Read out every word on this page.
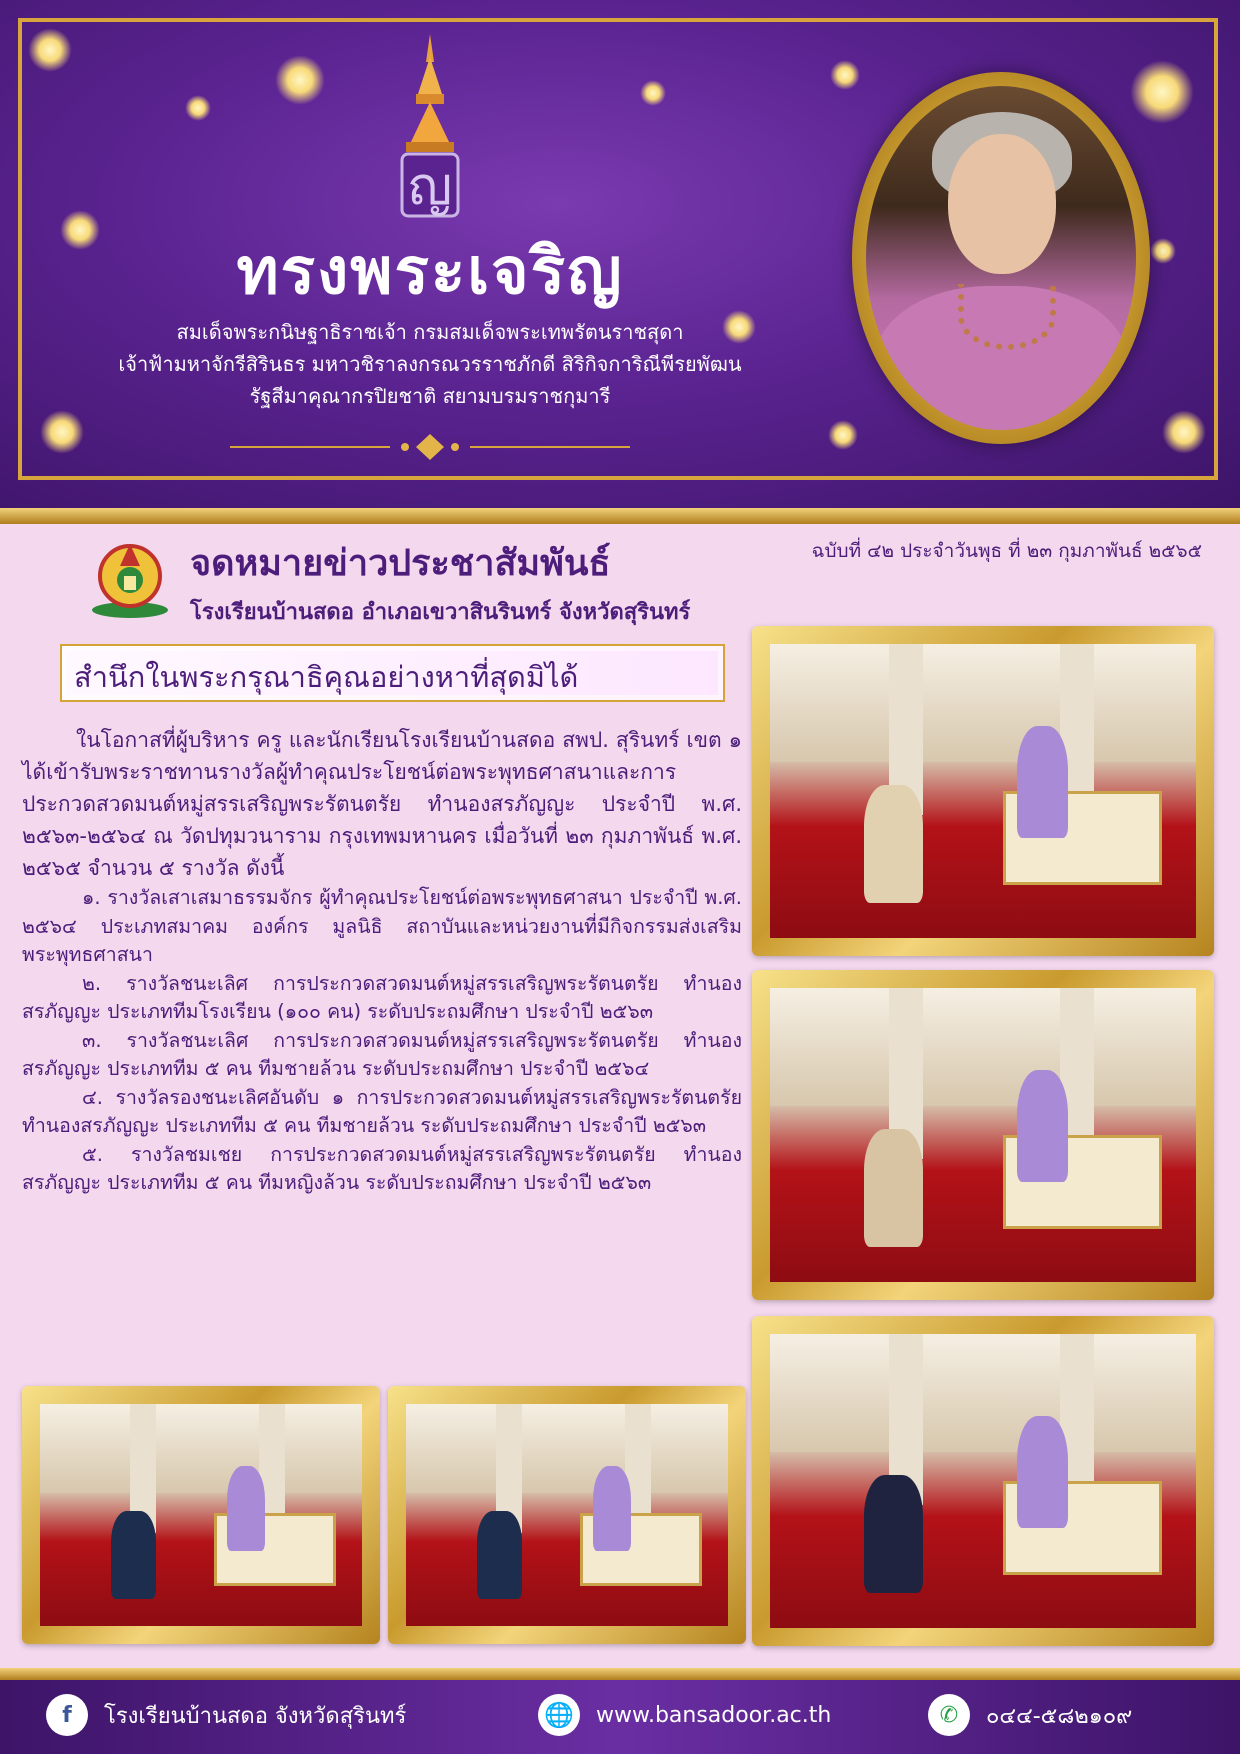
ญ
ทรงพระเจริญ
สมเด็จพระกนิษฐาธิราชเจ้า กรมสมเด็จพระเทพรัตนราชสุดา
เจ้าฟ้ามหาจักรีสิรินธร มหาวชิราลงกรณวรราชภักดี สิริกิจการิณีพีรยพัฒน
รัฐสีมาคุณากรปิยชาติ สยามบรมราชกุมารี
จดหมายข่าวประชาสัมพันธ์
โรงเรียนบ้านสดอ อำเภอเขวาสินรินทร์ จังหวัดสุรินทร์
ฉบับที่ ๔๒ ประจำวันพุธ ที่ ๒๓ กุมภาพันธ์ ๒๕๖๕
สำนึกในพระกรุณาธิคุณอย่างหาที่สุดมิได้

ในโอกาสที่ผู้บริหาร ครู และนักเรียนโรงเรียนบ้านสดอ สพป. สุรินทร์ เขต ๑ ได้เข้ารับพระราชทานรางวัลผู้ทำคุณประโยชน์ต่อพระพุทธศาสนาและการประกวดสวดมนต์หมู่สรรเสริญพระรัตนตรัย ทำนองสรภัญญะ ประจำปี พ.ศ. ๒๕๖๓-๒๕๖๔ ณ วัดปทุมวนาราม กรุงเทพมหานคร เมื่อวันที่ ๒๓ กุมภาพันธ์ พ.ศ. ๒๕๖๕ จำนวน ๕ รางวัล ดังนี้

๑. รางวัลเสาเสมาธรรมจักร ผู้ทำคุณประโยชน์ต่อพระพุทธศาสนา ประจำปี พ.ศ. ๒๕๖๔ ประเภทสมาคม องค์กร มูลนิธิ สถาบันและหน่วยงานที่มีกิจกรรมส่งเสริมพระพุทธศาสนา

๒. รางวัลชนะเลิศ การประกวดสวดมนต์หมู่สรรเสริญพระรัตนตรัย ทำนองสรภัญญะ ประเภททีมโรงเรียน (๑๐๐ คน) ระดับประถมศึกษา ประจำปี ๒๕๖๓

๓. รางวัลชนะเลิศ การประกวดสวดมนต์หมู่สรรเสริญพระรัตนตรัย ทำนองสรภัญญะ ประเภททีม ๕ คน ทีมชายล้วน ระดับประถมศึกษา ประจำปี ๒๕๖๔

๔. รางวัลรองชนะเลิศอันดับ ๑ การประกวดสวดมนต์หมู่สรรเสริญพระรัตนตรัย ทำนองสรภัญญะ ประเภททีม ๕ คน ทีมชายล้วน ระดับประถมศึกษา ประจำปี ๒๕๖๓

๕. รางวัลชมเชย การประกวดสวดมนต์หมู่สรรเสริญพระรัตนตรัย ทำนองสรภัญญะ ประเภททีม ๕ คน ทีมหญิงล้วน ระดับประถมศึกษา ประจำปี ๒๕๖๓

f	โรงเรียนบ้านสดอ จังหวัดสุรินทร์	🌐 www.bansadoor.ac.th	✆	๐๔๔-๕๘๒๑๐๙
